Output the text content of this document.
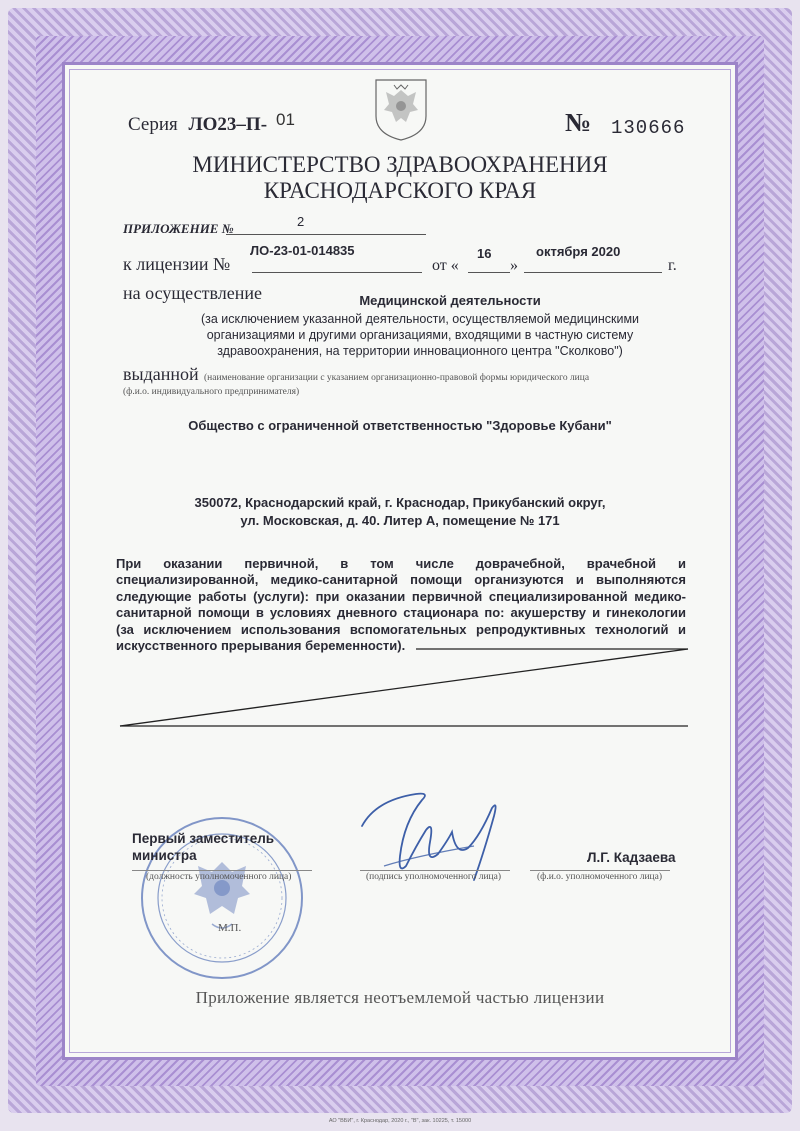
Серия ЛО23–П- 01	№ 130666
МИНИСТЕРСТВО ЗДРАВООХРАНЕНИЯ
КРАСНОДАРСКОГО КРАЯ
ПРИЛОЖЕНИЕ №	2
к лицензии №
ЛО-23-01-014835
от «
16
»
октября 2020
г.
на осуществление	Медицинской деятельности
(за исключением указанной деятельности, осуществляемой медицинскими
организациями и другими организациями, входящими в частную систему
здравоохранения, на территории инновационного центра "Сколково")
выданной (наименование организации с указанием организационно-правовой формы юридического лица
(ф.и.о. индивидуального предпринимателя)
Общество с ограниченной ответственностью "Здоровье Кубани"
350072, Краснодарский край, г. Краснодар, Прикубанский округ,
ул. Московская, д. 40. Литер А, помещение № 171
При оказании первичной, в том числе доврачебной, врачебной и
специализированной, медико-санитарной помощи организуются и выполняются
следующие работы (услуги): при оказании первичной специализированной медико-
санитарной помощи в условиях дневного стационара по: акушерству и гинекологии
(за исключением использования вспомогательных репродуктивных технологий и
искусственного прерывания беременности).
Первый заместитель
министра
(должность уполномоченного лица)	(подпись уполномоченного лица)
Л.Г. Кадзаева
(ф.и.о. уполномоченного лица)
М.П.
Приложение является неотъемлемой частью лицензии
АО "ВБИ", г. Краснодар, 2020 г., "В", зак. 10225, т. 15000
